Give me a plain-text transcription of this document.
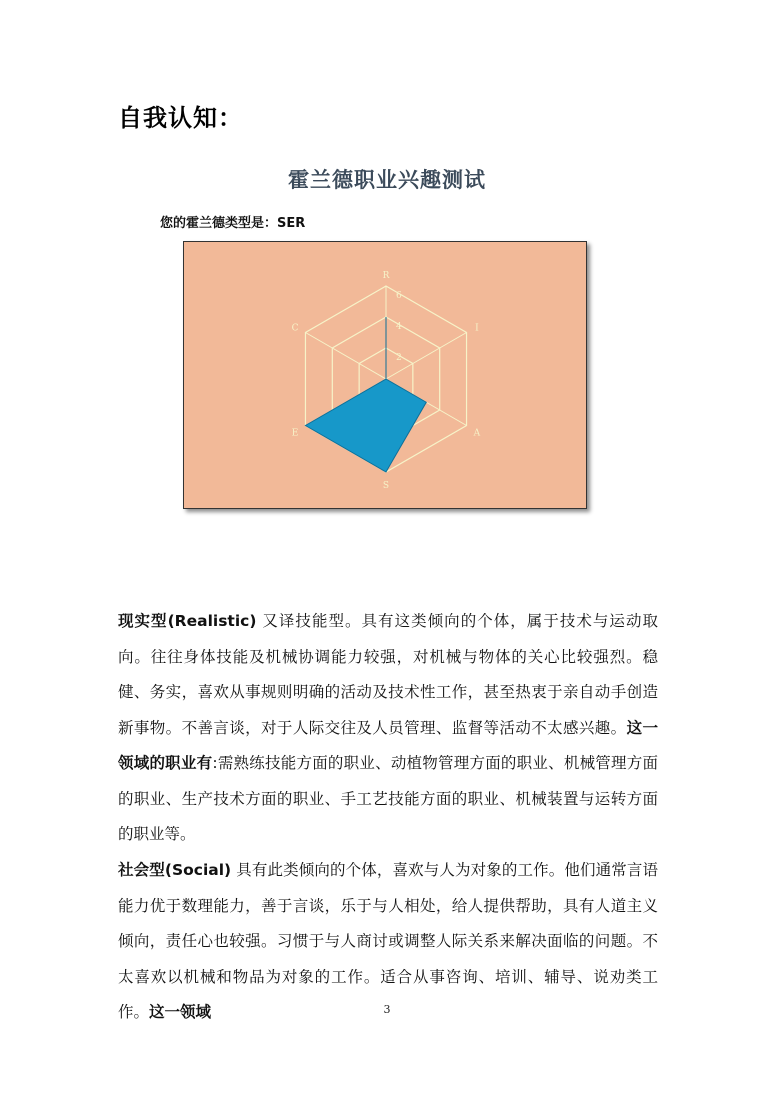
自我认知：
霍兰德职业兴趣测试
您的霍兰德类型是：SER
2
4
6
R
I
A
S
E
C
现实型(Realistic) 又译技能型。具有这类倾向的个体，属于技术与运动取向。往往身体技能及机械协调能力较强，对机械与物体的关心比较强烈。稳健、务实，喜欢从事规则明确的活动及技术性工作，甚至热衷于亲自动手创造新事物。不善言谈，对于人际交往及人员管理、监督等活动不太感兴趣。这一领域的职业有:需熟练技能方面的职业、动植物管理方面的职业、机械管理方面的职业、生产技术方面的职业、手工艺技能方面的职业、机械装置与运转方面的职业等。
社会型(Social) 具有此类倾向的个体，喜欢与人为对象的工作。他们通常言语能力优于数理能力，善于言谈，乐于与人相处，给人提供帮助，具有人道主义倾向，责任心也较强。习惯于与人商讨或调整人际关系来解决面临的问题。不太喜欢以机械和物品为对象的工作。适合从事咨询、培训、辅导、说劝类工作。这一领域	3
